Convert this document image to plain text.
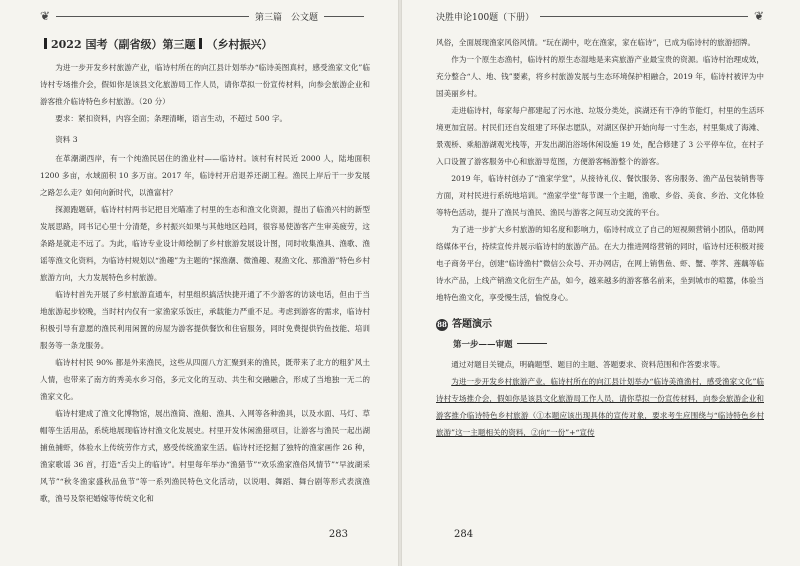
❦	第三篇　公文题
2022 国考（副省级）第三题 （乡村振兴）

为进一步开发乡村旅游产业，临诗村所在的向江县计划举办“临诗美图真村，感受渔家文化”临诗村专场推介会，假如你是该县文化旅游局工作人员，请你草拟一份宣传材料，向参会旅游企业和游客推介临诗特色乡村旅游。（20 分）

要求：紧扣资料，内容全面；条理清晰，语言生动，不超过 500 字。

资料 3

在革潮湖西岸，有一个纯渔民居住的渔业村——临诗村。该村有村民近 2000 人，陆地面积 1200 多亩，水域面积 10 多万亩。2017 年，临诗村开启退养还湖工程。渔民上岸后干一步发展之路怎么走？如何向新时代，以渔富村？

探源跑题研，临诗村村两书记把目光瞄准了村里的生态和渔文化资源，提出了临渔兴村的新型发展思路，同书记心里十分清楚，乡村振兴如果与其他地区趋同，很容易使游客产生审美疲劳，这条路是就走不远了。为此，临诗专业设计师绘制了乡村旅游发展设计图，同时收集渔具、渔歌、渔谣等渔文化资料，为临诗村规划以“渔趣”为主题的“探渔潮、微渔趣、观渔文化、那渔游”特色乡村旅游方向，大力发展特色乡村旅游。

临诗村首先开展了乡村旅游直通车，村里组织搞活快捷开通了不少游客的访谈电话，但由于当地旅游起步较晚，当时村内仅有一家渔家乐饭庄，承载能力严重不足。考虑到游客的需求，临诗村积极引导有意愿的渔民利用闲置的房屋为游客提供餐饮和住宿服务，同时免费提供钓鱼技能、培训服务等一条龙服务。

临诗村村民 90% 都是外来渔民，这些从四面八方汇聚到来的渔民，既带来了北方的粗犷风土人情，也带来了南方的秀美水乡习俗，多元文化的互动、共生和交融融合，形成了当地独一无二的渔家文化。

临诗村建成了渔文化博物馆，展出渔筒、渔船、渔具、入网等各种渔具，以及水面、马灯、草帽等生活用品，系统地展现临诗村渔文化发展史。村里开发休闲渔猎项目，让游客与渔民一起出湖捕鱼捕虾，体验水上传统劳作方式，感受传统渔家生活。临诗村还挖掘了独特的渔家画作 26 种，渔家歌谣 36 首，打造“舌尖上的临诗”。村里每年举办“渔猎节”“欢乐渔家渔俗风情节”“早波湖采风节”“秋冬渔家盛秋品鱼节”等一系列渔民特色文化活动，以说唱、舞蹈、舞台剧等形式表演渔歌，渔号及祭祀婚嫁等传统文化和

283
决胜申论100题（下册）	❦

风俗，全面展现渔家风俗风情。“玩在湖中，吃在渔家，家在临诗”，已成为临诗村的旅游招牌。

作为一个原生态渔村，临诗村的原生态湿地是来宾旅游产业最宝贵的资源。临诗村治理成效，充分整合“人、地、钱”要素，将乡村旅游发展与生态环境保护相融合，2019 年，临诗村被评为中国美丽乡村。

走进临诗村，每家每户都建起了污水池、垃圾分类处，滨湖还有干净的节能灯，村里的生活环境更加宜居。村民们还自发组建了环保志愿队，对湖区保护开始向每一寸生态，村里集成了海滩、景观桥、乘船游湖观光栈等，开发出湖泊浴场休闲设施 19 处，配合修建了 3 公平停车位，在村子入口设置了游客服务中心和旅游导览图，方便游客畅游整个的游客。

2019 年，临诗村创办了“渔家学堂”，从接待礼仪、餐饮服务、客房服务、渔产品包装销售等方面，对村民进行系统地培训。“渔家学堂”每节课一个主题，渔歌、乡俗、美食、乡治、文化体验等特色活动，提升了渔民与渔民、渔民与游客之间互动交流的平台。

为了进一步扩大乡村旅游的知名度和影响力，临诗村成立了自己的短视频营销小团队，借助网络媒体平台，持续宣传并展示临诗村的旅游产品。在大力推进网络营销的同时，临诗村还积极对接电子商务平台，创建“临诗渔村”微信公众号、开办网店，在网上销售鱼、虾、蟹、荸荠、莲藕等临诗水产品，上线产销渔文化衍生产品，如今，越来越多的游客慕名前来，坐到城市的喧嚣，体验当地特色渔文化，享受慢生活，愉悦身心。

88 答题演示
第一步——审题

通过对题目关键点，明确题型、题目的主题、答题要求、资料范围和作答要求等。

为进一步开发乡村旅游产业，临诗村所在的向江县计划举办“临诗美渔渔村，感受渔家文化”临诗村专场推介会，假如你是该县文化旅游局工作人员，请你草拟一份宣传材料，向参会旅游企业和游客推介临诗特色乡村旅游（①本题应该出现具体的宣传对象，要求考生应围绕与“临诗特色乡村旅游”这一主题相关的资料，②向“一份”+“宣传

284
